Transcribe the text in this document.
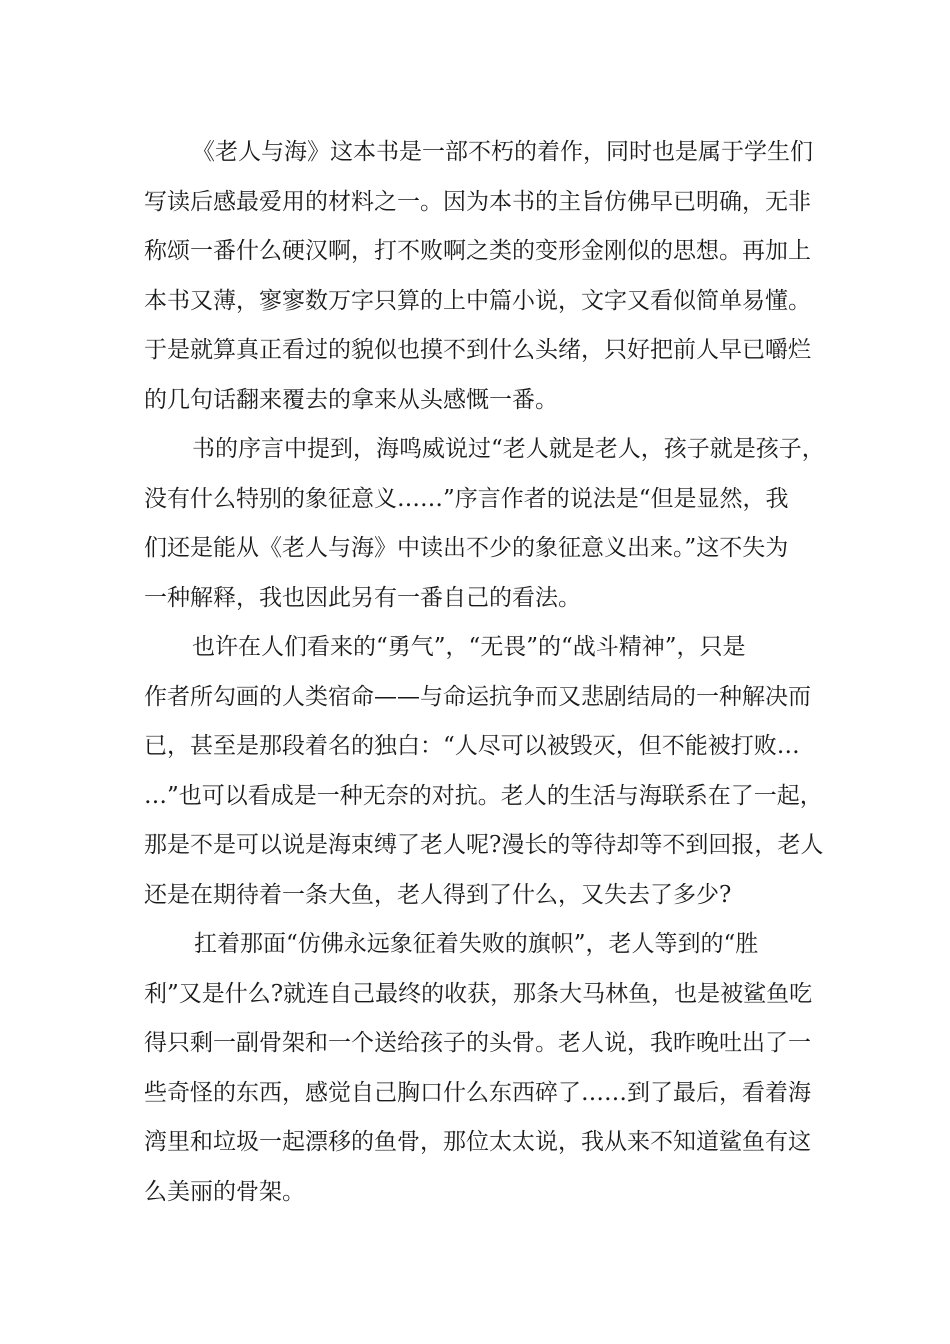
《老人与海》这本书是一部不朽的着作，同时也是属于学生们
写读后感最爱用的材料之一。因为本书的主旨仿佛早已明确，无非
称颂一番什么硬汉啊，打不败啊之类的变形金刚似的思想。再加上
本书又薄，寥寥数万字只算的上中篇小说，文字又看似简单易懂。
于是就算真正看过的貌似也摸不到什么头绪，只好把前人早已嚼烂
的几句话翻来覆去的拿来从头感慨一番。
书的序言中提到，海鸣威说过“老人就是老人，孩子就是孩子，
没有什么特别的象征意义……”序言作者的说法是“但是显然，我
们还是能从《老人与海》中读出不少的象征意义出来。”这不失为
一种解释，我也因此另有一番自己的看法。
也许在人们看来的“勇气”，“无畏”的“战斗精神”，只是
作者所勾画的人类宿命——与命运抗争而又悲剧结局的一种解决而
已，甚至是那段着名的独白：“人尽可以被毁灭，但不能被打败…
…”也可以看成是一种无奈的对抗。老人的生活与海联系在了一起，
那是不是可以说是海束缚了老人呢?漫长的等待却等不到回报，老人
还是在期待着一条大鱼，老人得到了什么，又失去了多少?
扛着那面“仿佛永远象征着失败的旗帜”，老人等到的“胜
利”又是什么?就连自己最终的收获，那条大马林鱼，也是被鲨鱼吃
得只剩一副骨架和一个送给孩子的头骨。老人说，我昨晚吐出了一
些奇怪的东西，感觉自己胸口什么东西碎了……到了最后，看着海
湾里和垃圾一起漂移的鱼骨，那位太太说，我从来不知道鲨鱼有这
么美丽的骨架。
